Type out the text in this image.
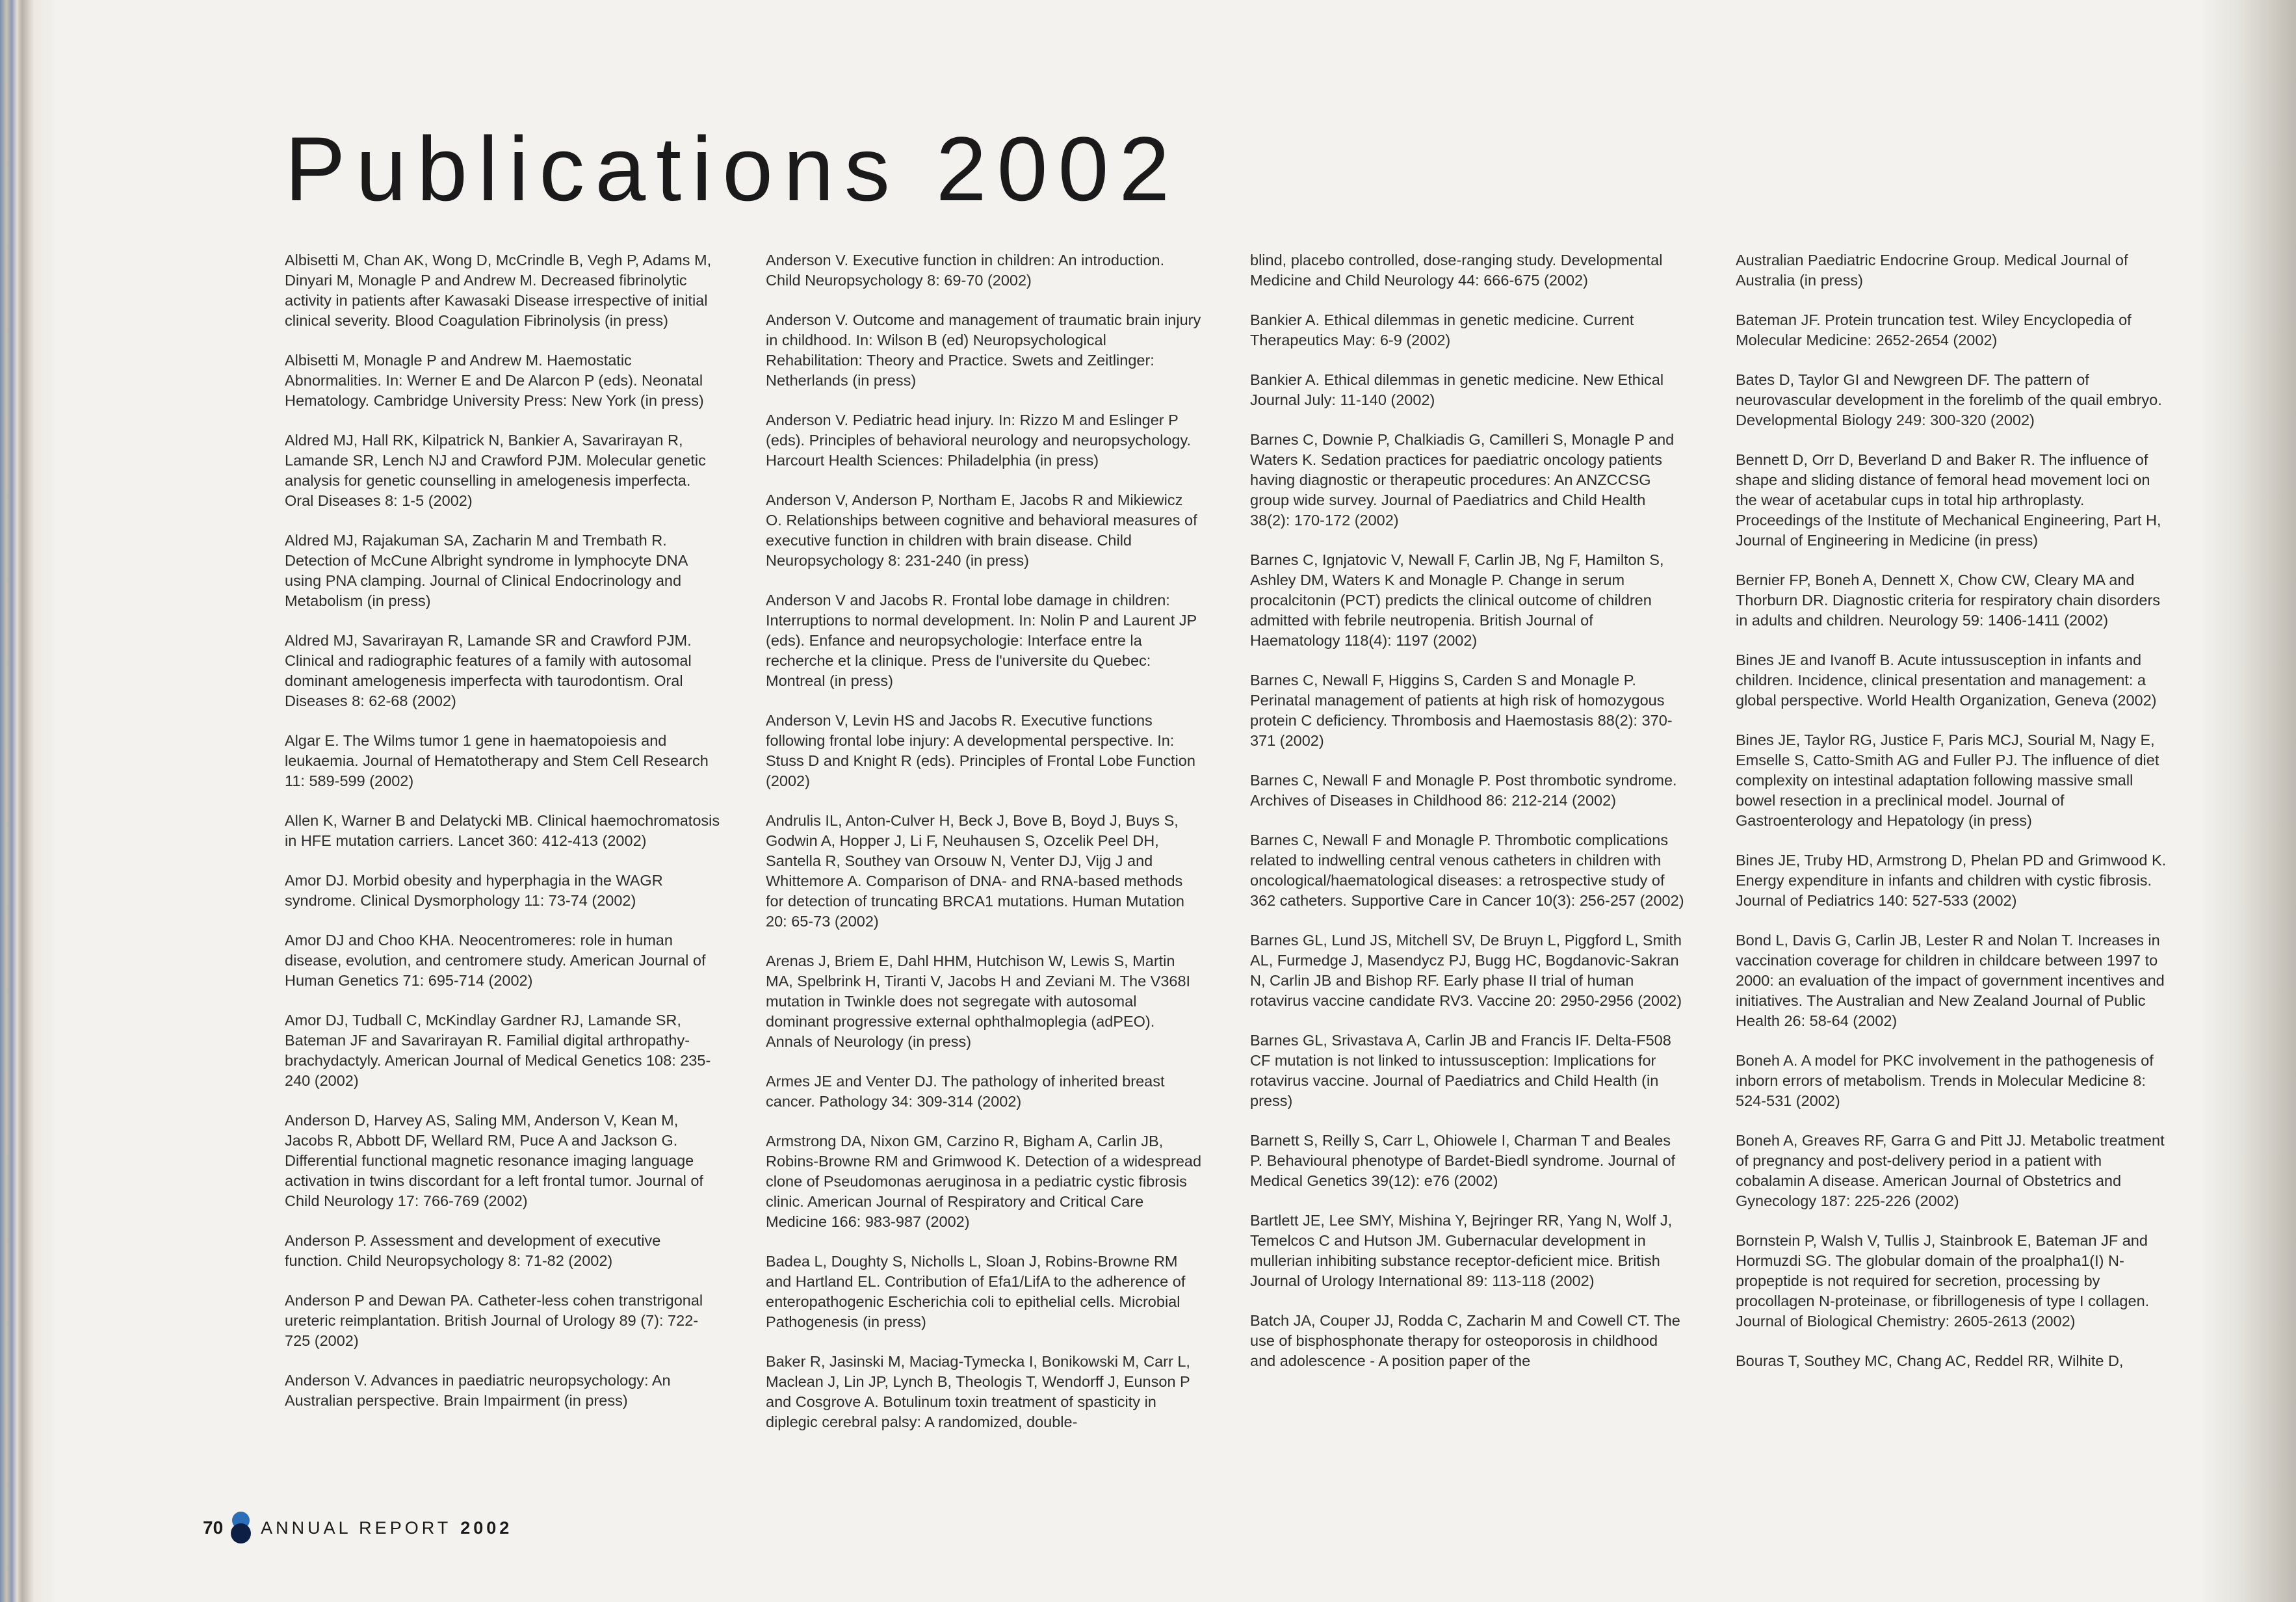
Publications 2002

Albisetti M, Chan AK, Wong D, McCrindle B, Vegh P, Adams M, Dinyari M, Monagle P and Andrew M. Decreased fibrinolytic activity in patients after Kawasaki Disease irrespective of initial clinical severity. Blood Coagulation Fibrinolysis (in press)

Albisetti M, Monagle P and Andrew M. Haemostatic Abnormalities. In: Werner E and De Alarcon P (eds). Neonatal Hematology. Cambridge University Press: New York (in press)

Aldred MJ, Hall RK, Kilpatrick N, Bankier A, Savarirayan R, Lamande SR, Lench NJ and Crawford PJM. Molecular genetic analysis for genetic counselling in amelogenesis imperfecta. Oral Diseases 8: 1-5 (2002)

Aldred MJ, Rajakuman SA, Zacharin M and Trembath R. Detection of McCune Albright syndrome in lymphocyte DNA using PNA clamping. Journal of Clinical Endocrinology and Metabolism (in press)

Aldred MJ, Savarirayan R, Lamande SR and Crawford PJM. Clinical and radiographic features of a family with autosomal dominant amelogenesis imperfecta with taurodontism. Oral Diseases 8: 62-68 (2002)

Algar E. The Wilms tumor 1 gene in haematopoiesis and leukaemia. Journal of Hematotherapy and Stem Cell Research 11: 589-599 (2002)

Allen K, Warner B and Delatycki MB. Clinical haemochromatosis in HFE mutation carriers. Lancet 360: 412-413 (2002)

Amor DJ. Morbid obesity and hyperphagia in the WAGR syndrome. Clinical Dysmorphology 11: 73-74 (2002)

Amor DJ and Choo KHA. Neocentromeres: role in human disease, evolution, and centromere study. American Journal of Human Genetics 71: 695-714 (2002)

Amor DJ, Tudball C, McKindlay Gardner RJ, Lamande SR, Bateman JF and Savarirayan R. Familial digital arthropathy-brachydactyly. American Journal of Medical Genetics 108: 235-240 (2002)

Anderson D, Harvey AS, Saling MM, Anderson V, Kean M, Jacobs R, Abbott DF, Wellard RM, Puce A and Jackson G. Differential functional magnetic resonance imaging language activation in twins discordant for a left frontal tumor. Journal of Child Neurology 17: 766-769 (2002)

Anderson P. Assessment and development of executive function. Child Neuropsychology 8: 71-82 (2002)

Anderson P and Dewan PA. Catheter-less cohen transtrigonal ureteric reimplantation. British Journal of Urology 89 (7): 722-725 (2002)

Anderson V. Advances in paediatric neuropsychology: An Australian perspective. Brain Impairment (in press)

Anderson V. Executive function in children: An introduction. Child Neuropsychology 8: 69-70 (2002)

Anderson V. Outcome and management of traumatic brain injury in childhood. In: Wilson B (ed) Neuropsychological Rehabilitation: Theory and Practice. Swets and Zeitlinger: Netherlands (in press)

Anderson V. Pediatric head injury. In: Rizzo M and Eslinger P (eds). Principles of behavioral neurology and neuropsychology. Harcourt Health Sciences: Philadelphia (in press)

Anderson V, Anderson P, Northam E, Jacobs R and Mikiewicz O. Relationships between cognitive and behavioral measures of executive function in children with brain disease. Child Neuropsychology 8: 231-240 (in press)

Anderson V and Jacobs R. Frontal lobe damage in children: Interruptions to normal development. In: Nolin P and Laurent JP (eds). Enfance and neuropsychologie: Interface entre la recherche et la clinique. Press de l'universite du Quebec: Montreal (in press)

Anderson V, Levin HS and Jacobs R. Executive functions following frontal lobe injury: A developmental perspective. In: Stuss D and Knight R (eds). Principles of Frontal Lobe Function (2002)

Andrulis IL, Anton-Culver H, Beck J, Bove B, Boyd J, Buys S, Godwin A, Hopper J, Li F, Neuhausen S, Ozcelik Peel DH, Santella R, Southey van Orsouw N, Venter DJ, Vijg J and Whittemore A. Comparison of DNA- and RNA-based methods for detection of truncating BRCA1 mutations. Human Mutation 20: 65-73 (2002)

Arenas J, Briem E, Dahl HHM, Hutchison W, Lewis S, Martin MA, Spelbrink H, Tiranti V, Jacobs H and Zeviani M. The V368I mutation in Twinkle does not segregate with autosomal dominant progressive external ophthalmoplegia (adPEO). Annals of Neurology (in press)

Armes JE and Venter DJ. The pathology of inherited breast cancer. Pathology 34: 309-314 (2002)

Armstrong DA, Nixon GM, Carzino R, Bigham A, Carlin JB, Robins-Browne RM and Grimwood K. Detection of a widespread clone of Pseudomonas aeruginosa in a pediatric cystic fibrosis clinic. American Journal of Respiratory and Critical Care Medicine 166: 983-987 (2002)

Badea L, Doughty S, Nicholls L, Sloan J, Robins-Browne RM and Hartland EL. Contribution of Efa1/LifA to the adherence of enteropathogenic Escherichia coli to epithelial cells. Microbial Pathogenesis (in press)

Baker R, Jasinski M, Maciag-Tymecka I, Bonikowski M, Carr L, Maclean J, Lin JP, Lynch B, Theologis T, Wendorff J, Eunson P and Cosgrove A. Botulinum toxin treatment of spasticity in diplegic cerebral palsy: A randomized, double-

blind, placebo controlled, dose-ranging study. Developmental Medicine and Child Neurology 44: 666-675 (2002)

Bankier A. Ethical dilemmas in genetic medicine. Current Therapeutics May: 6-9 (2002)

Bankier A. Ethical dilemmas in genetic medicine. New Ethical Journal July: 11-140 (2002)

Barnes C, Downie P, Chalkiadis G, Camilleri S, Monagle P and Waters K. Sedation practices for paediatric oncology patients having diagnostic or therapeutic procedures: An ANZCCSG group wide survey. Journal of Paediatrics and Child Health 38(2): 170-172 (2002)

Barnes C, Ignjatovic V, Newall F, Carlin JB, Ng F, Hamilton S, Ashley DM, Waters K and Monagle P. Change in serum procalcitonin (PCT) predicts the clinical outcome of children admitted with febrile neutropenia. British Journal of Haematology 118(4): 1197 (2002)

Barnes C, Newall F, Higgins S, Carden S and Monagle P. Perinatal management of patients at high risk of homozygous protein C deficiency. Thrombosis and Haemostasis 88(2): 370-371 (2002)

Barnes C, Newall F and Monagle P. Post thrombotic syndrome. Archives of Diseases in Childhood 86: 212-214 (2002)

Barnes C, Newall F and Monagle P. Thrombotic complications related to indwelling central venous catheters in children with oncological/haematological diseases: a retrospective study of 362 catheters. Supportive Care in Cancer 10(3): 256-257 (2002)

Barnes GL, Lund JS, Mitchell SV, De Bruyn L, Piggford L, Smith AL, Furmedge J, Masendycz PJ, Bugg HC, Bogdanovic-Sakran N, Carlin JB and Bishop RF. Early phase II trial of human rotavirus vaccine candidate RV3. Vaccine 20: 2950-2956 (2002)

Barnes GL, Srivastava A, Carlin JB and Francis IF. Delta-F508 CF mutation is not linked to intussusception: Implications for rotavirus vaccine. Journal of Paediatrics and Child Health (in press)

Barnett S, Reilly S, Carr L, Ohiowele I, Charman T and Beales P. Behavioural phenotype of Bardet-Biedl syndrome. Journal of Medical Genetics 39(12): e76 (2002)

Bartlett JE, Lee SMY, Mishina Y, Bejringer RR, Yang N, Wolf J, Temelcos C and Hutson JM. Gubernacular development in mullerian inhibiting substance receptor-deficient mice. British Journal of Urology International 89: 113-118 (2002)

Batch JA, Couper JJ, Rodda C, Zacharin M and Cowell CT. The use of bisphosphonate therapy for osteoporosis in childhood and adolescence - A position paper of the

Australian Paediatric Endocrine Group. Medical Journal of Australia (in press)

Bateman JF. Protein truncation test. Wiley Encyclopedia of Molecular Medicine: 2652-2654 (2002)

Bates D, Taylor GI and Newgreen DF. The pattern of neurovascular development in the forelimb of the quail embryo. Developmental Biology 249: 300-320 (2002)

Bennett D, Orr D, Beverland D and Baker R. The influence of shape and sliding distance of femoral head movement loci on the wear of acetabular cups in total hip arthroplasty. Proceedings of the Institute of Mechanical Engineering, Part H, Journal of Engineering in Medicine (in press)

Bernier FP, Boneh A, Dennett X, Chow CW, Cleary MA and Thorburn DR. Diagnostic criteria for respiratory chain disorders in adults and children. Neurology 59: 1406-1411 (2002)

Bines JE and Ivanoff B. Acute intussusception in infants and children. Incidence, clinical presentation and management: a global perspective. World Health Organization, Geneva (2002)

Bines JE, Taylor RG, Justice F, Paris MCJ, Sourial M, Nagy E, Emselle S, Catto-Smith AG and Fuller PJ. The influence of diet complexity on intestinal adaptation following massive small bowel resection in a preclinical model. Journal of Gastroenterology and Hepatology (in press)

Bines JE, Truby HD, Armstrong D, Phelan PD and Grimwood K. Energy expenditure in infants and children with cystic fibrosis. Journal of Pediatrics 140: 527-533 (2002)

Bond L, Davis G, Carlin JB, Lester R and Nolan T. Increases in vaccination coverage for children in childcare between 1997 to 2000: an evaluation of the impact of government incentives and initiatives. The Australian and New Zealand Journal of Public Health 26: 58-64 (2002)

Boneh A. A model for PKC involvement in the pathogenesis of inborn errors of metabolism. Trends in Molecular Medicine 8: 524-531 (2002)

Boneh A, Greaves RF, Garra G and Pitt JJ. Metabolic treatment of pregnancy and post-delivery period in a patient with cobalamin A disease. American Journal of Obstetrics and Gynecology 187: 225-226 (2002)

Bornstein P, Walsh V, Tullis J, Stainbrook E, Bateman JF and Hormuzdi SG. The globular domain of the proalpha1(I) N-propeptide is not required for secretion, processing by procollagen N-proteinase, or fibrillogenesis of type I collagen. Journal of Biological Chemistry: 2605-2613 (2002)

Bouras T, Southey MC, Chang AC, Reddel RR, Wilhite D,

70 ANNUAL REPORT 2002
